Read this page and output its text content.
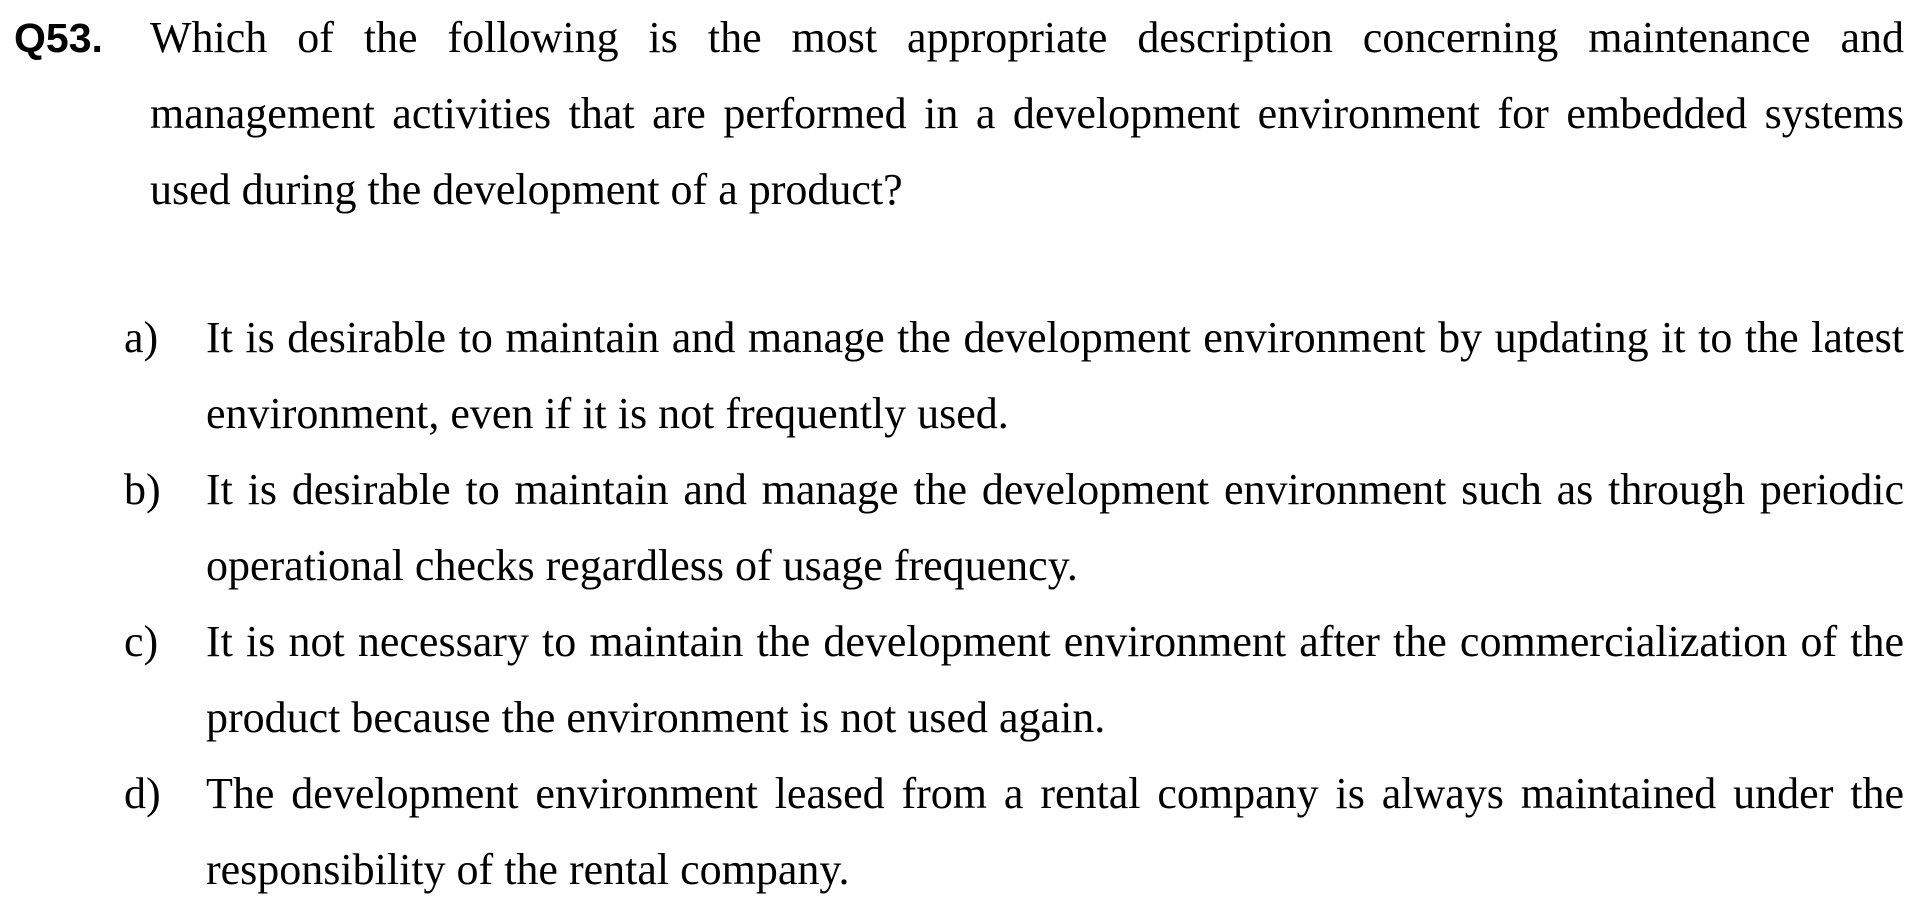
Q53. Which of the following is the most appropriate description concerning maintenance and management activities that are performed in a development environment for embedded systems used during the development of a product?
a) It is desirable to maintain and manage the development environment by updating it to the latest environment, even if it is not frequently used.
b) It is desirable to maintain and manage the development environment such as through periodic operational checks regardless of usage frequency.
c) It is not necessary to maintain the development environment after the commercialization of the product because the environment is not used again.
d) The development environment leased from a rental company is always maintained under the responsibility of the rental company.
